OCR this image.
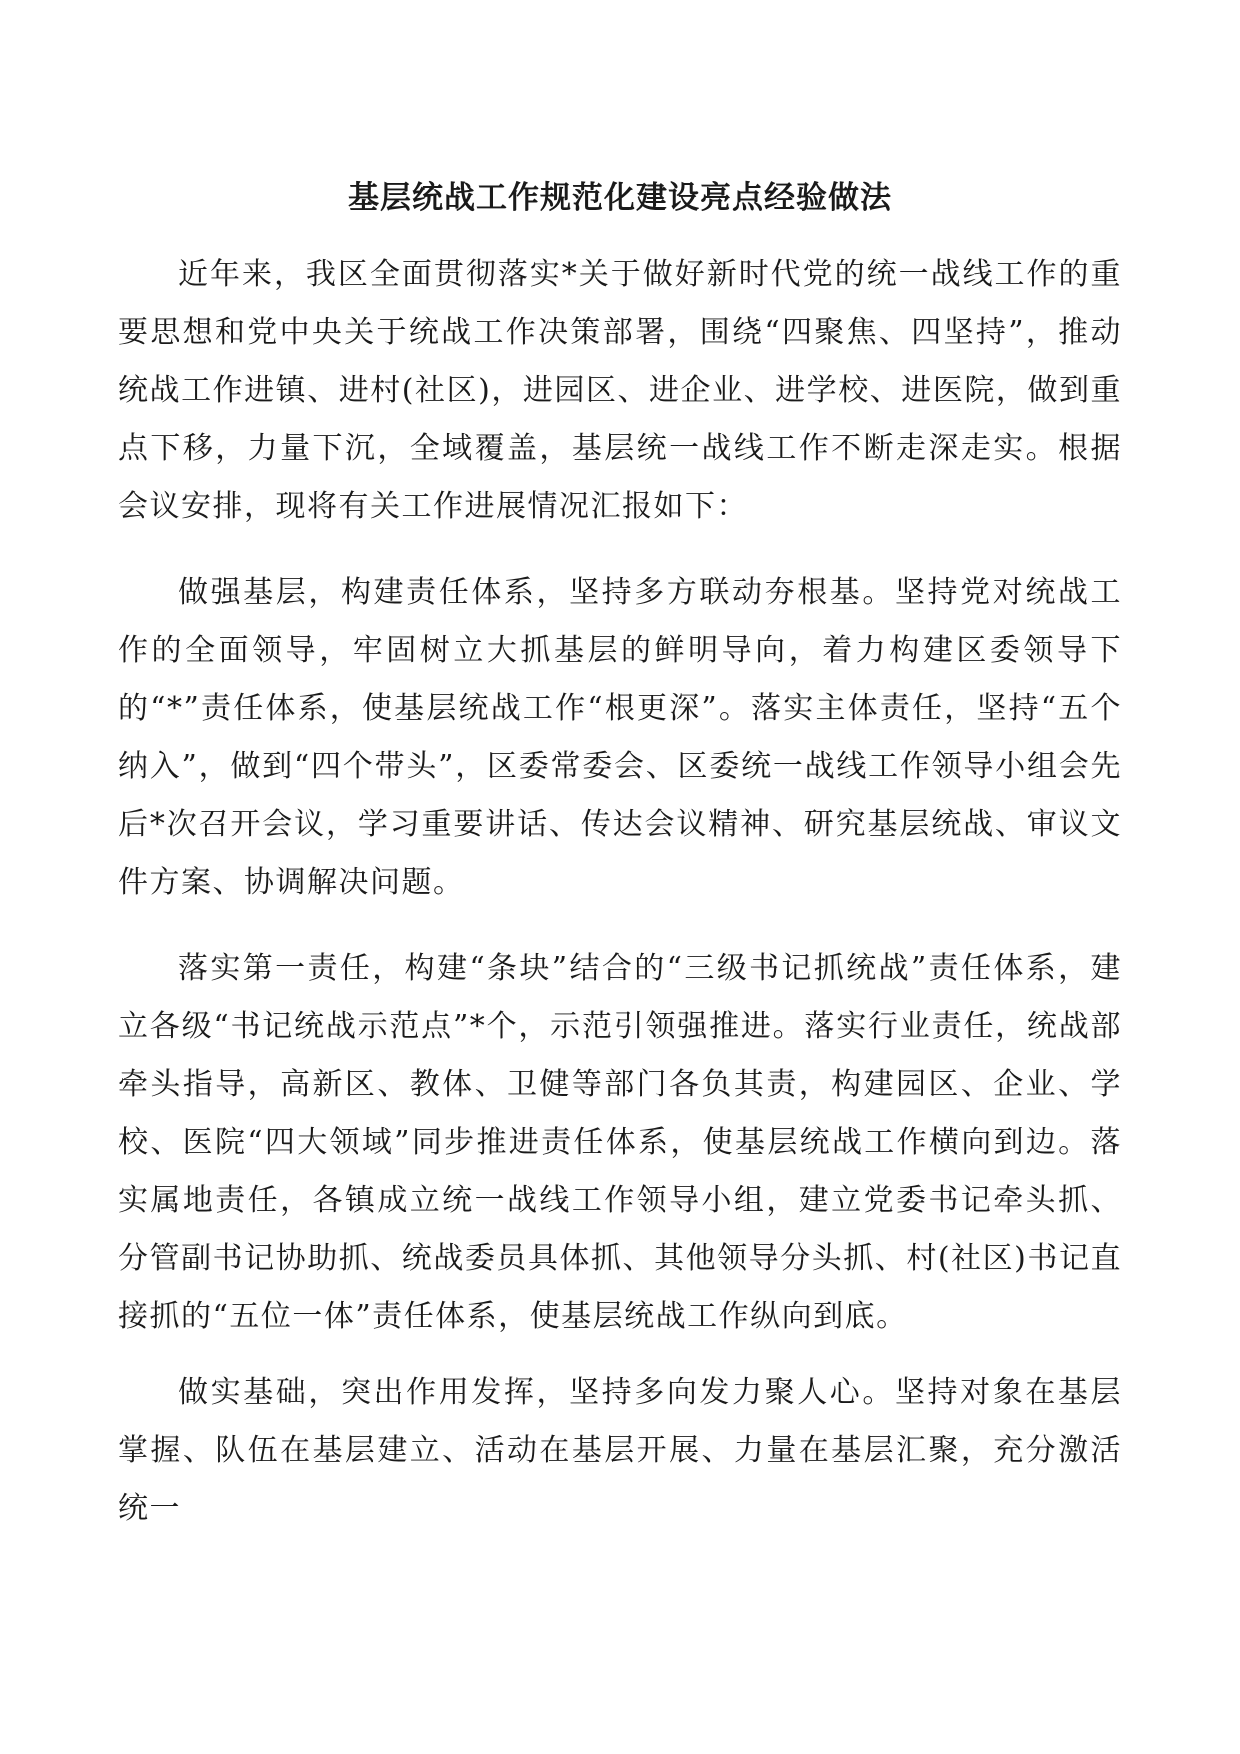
基层统战工作规范化建设亮点经验做法

近年来，我区全面贯彻落实*关于做好新时代党的统一战线工作的重要思想和党中央关于统战工作决策部署，围绕“四聚焦、四坚持”，推动统战工作进镇、进村(社区)，进园区、进企业、进学校、进医院，做到重点下移，力量下沉，全域覆盖，基层统一战线工作不断走深走实。根据会议安排，现将有关工作进展情况汇报如下：

做强基层，构建责任体系，坚持多方联动夯根基。坚持党对统战工作的全面领导，牢固树立大抓基层的鲜明导向，着力构建区委领导下的“*”责任体系，使基层统战工作“根更深”。落实主体责任，坚持“五个纳入”，做到“四个带头”，区委常委会、区委统一战线工作领导小组会先后*次召开会议，学习重要讲话、传达会议精神、研究基层统战、审议文件方案、协调解决问题。

落实第一责任，构建“条块”结合的“三级书记抓统战”责任体系，建立各级“书记统战示范点”*个，示范引领强推进。落实行业责任，统战部牵头指导，高新区、教体、卫健等部门各负其责，构建园区、企业、学校、医院“四大领域”同步推进责任体系，使基层统战工作横向到边。落实属地责任，各镇成立统一战线工作领导小组，建立党委书记牵头抓、分管副书记协助抓、统战委员具体抓、其他领导分头抓、村(社区)书记直接抓的“五位一体”责任体系，使基层统战工作纵向到底。

做实基础，突出作用发挥，坚持多向发力聚人心。坚持对象在基层掌握、队伍在基层建立、活动在基层开展、力量在基层汇聚，充分激活统一
